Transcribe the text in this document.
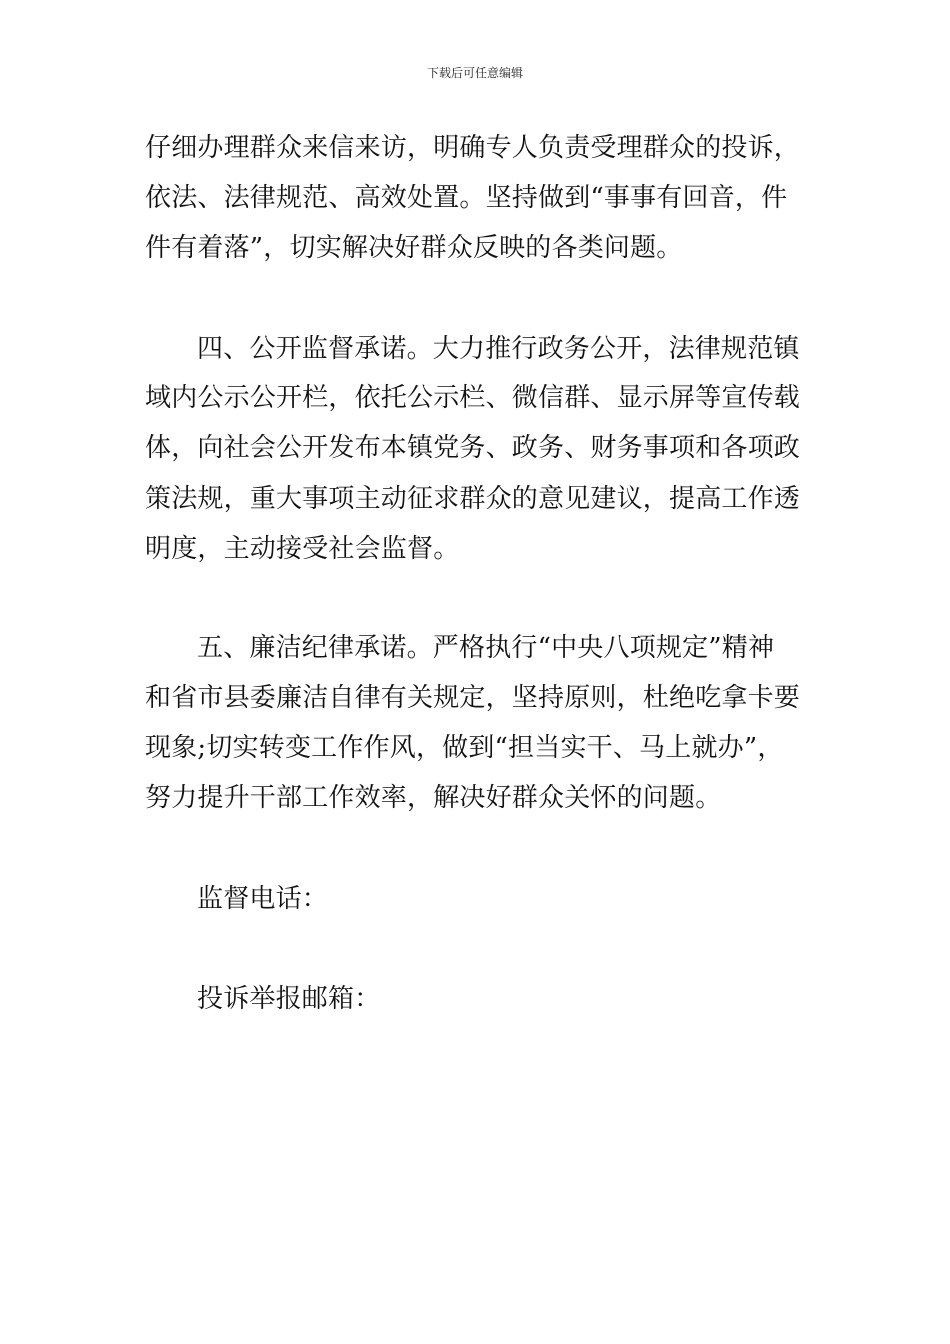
下载后可任意编辑
仔细办理群众来信来访，明确专人负责受理群众的投诉，
依法、法律规范、高效处置。坚持做到“事事有回音，件
件有着落”，切实解决好群众反映的各类问题。
四、公开监督承诺。大力推行政务公开，法律规范镇
域内公示公开栏，依托公示栏、微信群、显示屏等宣传载
体，向社会公开发布本镇党务、政务、财务事项和各项政
策法规，重大事项主动征求群众的意见建议，提高工作透
明度，主动接受社会监督。
五、廉洁纪律承诺。严格执行“中央八项规定”精神
和省市县委廉洁自律有关规定，坚持原则，杜绝吃拿卡要
现象;切实转变工作作风，做到“担当实干、马上就办”，
努力提升干部工作效率，解决好群众关怀的问题。
监督电话：
投诉举报邮箱：
